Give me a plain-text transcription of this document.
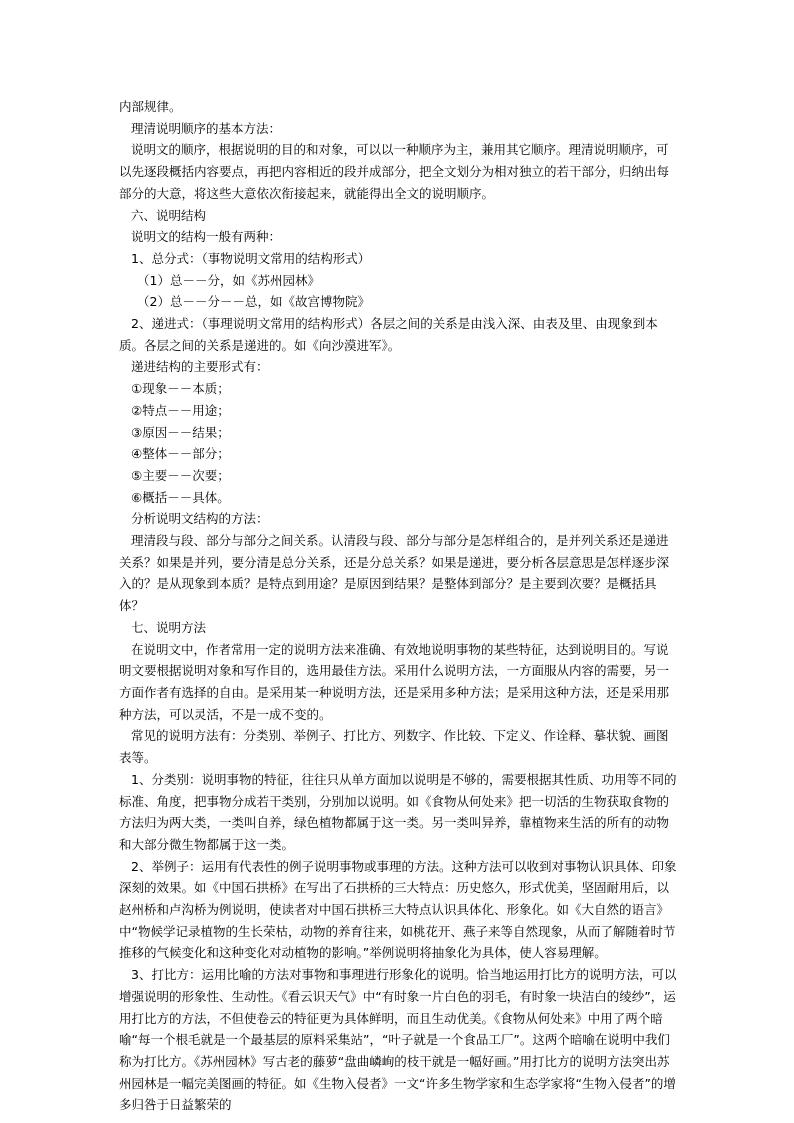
内部规律。

理清说明顺序的基本方法：

说明文的顺序，根据说明的目的和对象，可以以一种顺序为主，兼用其它顺序。理清说明顺序，可以先逐段概括内容要点，再把内容相近的段并成部分，把全文划分为相对独立的若干部分，归纳出每部分的大意，将这些大意依次衔接起来，就能得出全文的说明顺序。

六、说明结构

说明文的结构一般有两种：

1、总分式：（事物说明文常用的结构形式）

（1）总－－分，如《苏州园林》

（2）总－－分－－总，如《故宫博物院》

2、递进式：（事理说明文常用的结构形式）各层之间的关系是由浅入深、由表及里、由现象到本质。各层之间的关系是递进的。如《向沙漠进军》。

递进结构的主要形式有：

①现象－－本质；

②特点－－用途；

③原因－－结果；

④整体－－部分；

⑤主要－－次要；

⑥概括－－具体。

分析说明文结构的方法：

理清段与段、部分与部分之间关系。认清段与段、部分与部分是怎样组合的，是并列关系还是递进关系？如果是并列，要分清是总分关系，还是分总关系？如果是递进，要分析各层意思是怎样逐步深入的？是从现象到本质？是特点到用途？是原因到结果？是整体到部分？是主要到次要？是概括具体？

七、说明方法

在说明文中，作者常用一定的说明方法来准确、有效地说明事物的某些特征，达到说明目的。写说明文要根据说明对象和写作目的，选用最佳方法。采用什么说明方法，一方面服从内容的需要，另一方面作者有选择的自由。是采用某一种说明方法，还是采用多种方法；是采用这种方法，还是采用那种方法，可以灵活，不是一成不变的。

常见的说明方法有：分类别、举例子、打比方、列数字、作比较、下定义、作诠释、摹状貌、画图表等。

1、分类别：说明事物的特征，往往只从单方面加以说明是不够的，需要根据其性质、功用等不同的标准、角度，把事物分成若干类别，分别加以说明。如《食物从何处来》把一切活的生物获取食物的方法归为两大类，一类叫自养，绿色植物都属于这一类。另一类叫异养，靠植物来生活的所有的动物和大部分微生物都属于这一类。

2、举例子：运用有代表性的例子说明事物或事理的方法。这种方法可以收到对事物认识具体、印象深刻的效果。如《中国石拱桥》在写出了石拱桥的三大特点：历史悠久，形式优美，坚固耐用后，以赵州桥和卢沟桥为例说明，使读者对中国石拱桥三大特点认识具体化、形象化。如《大自然的语言》中“物候学记录植物的生长荣枯，动物的养育往来，如桃花开、燕子来等自然现象，从而了解随着时节推移的气候变化和这种变化对动植物的影响。”举例说明将抽象化为具体，使人容易理解。

3、打比方：运用比喻的方法对事物和事理进行形象化的说明。恰当地运用打比方的说明方法，可以增强说明的形象性、生动性。《看云识天气》中“有时象一片白色的羽毛，有时象一块洁白的绫纱”，运用打比方的方法，不但使卷云的特征更为具体鲜明，而且生动优美。《食物从何处来》中用了两个暗喻“每一个根毛就是一个最基层的原料采集站”，“叶子就是一个食品工厂”。这两个暗喻在说明中我们称为打比方。《苏州园林》写古老的藤萝“盘曲嶙峋的枝干就是一幅好画。”用打比方的说明方法突出苏州园林是一幅完美图画的特征。如《生物入侵者》一文“许多生物学家和生态学家将“生物入侵者”的增多归咎于日益繁荣的
